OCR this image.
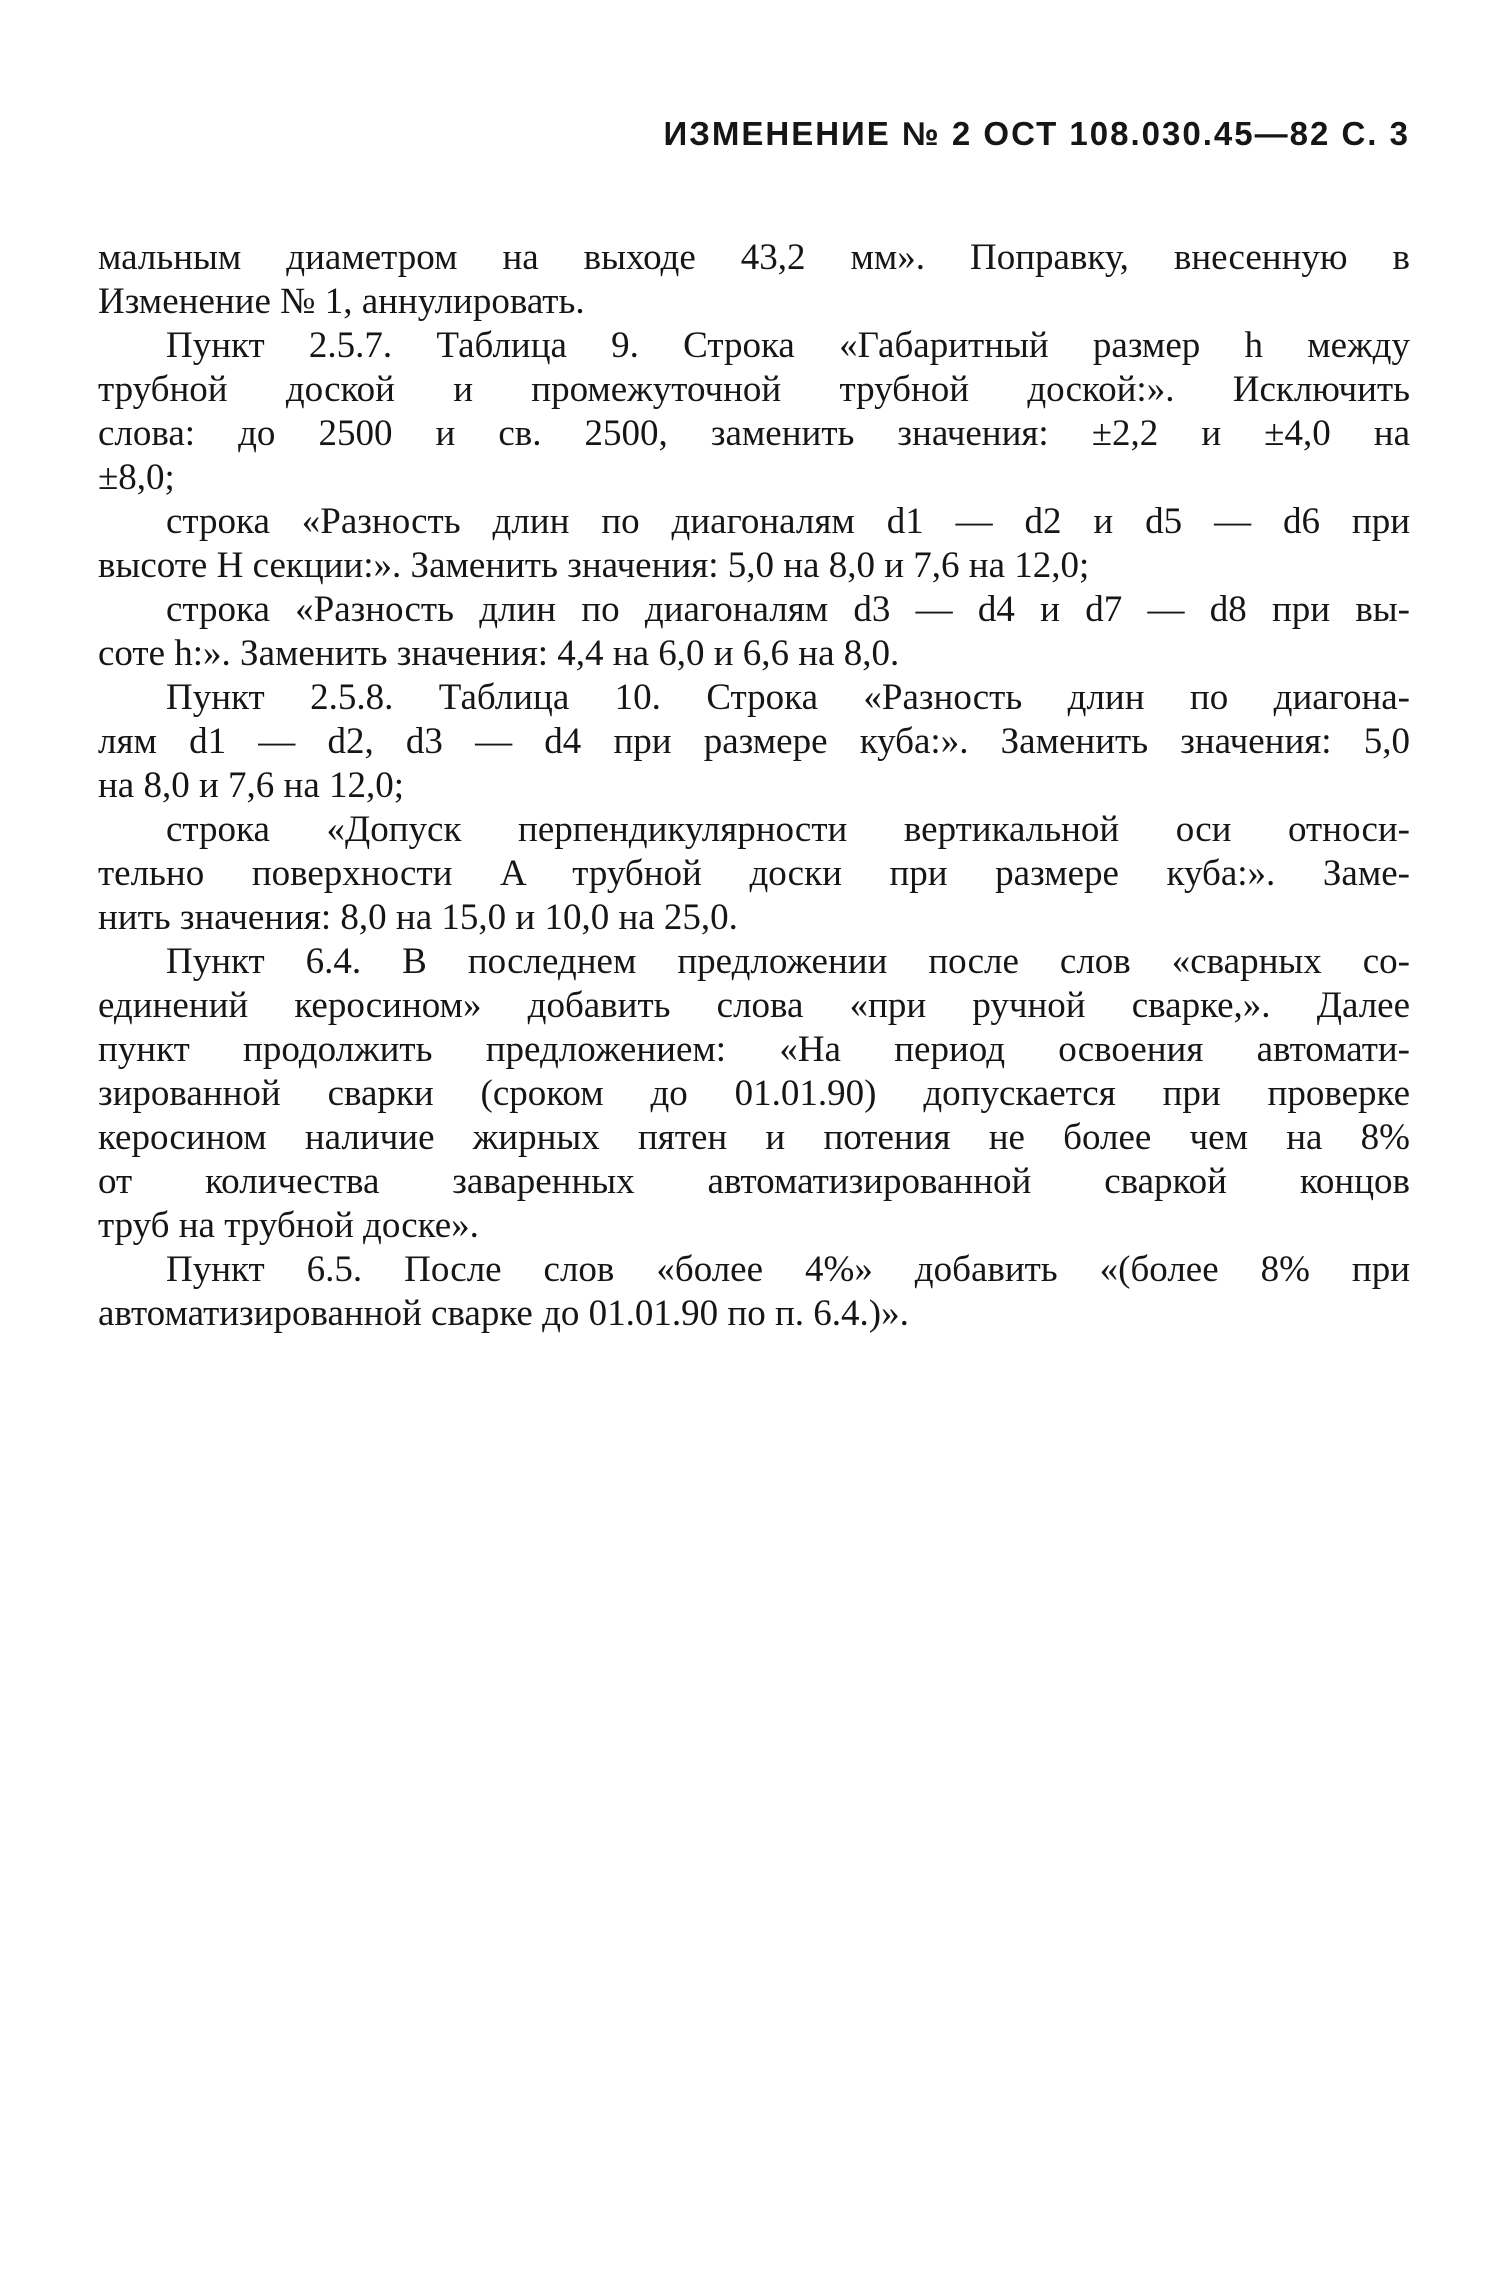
ИЗМЕНЕНИЕ № 2 ОСТ 108.030.45—82 С. 3
мальным диаметром на выходе 43,2 мм». Поправку, внесенную в
Изменение № 1, аннулировать.
Пункт 2.5.7. Таблица 9. Строка «Габаритный размер h между
трубной доской и промежуточной трубной доской:». Исключить
слова: до 2500 и св. 2500, заменить значения: ±2,2 и ±4,0 на
±8,0;
строка «Разность длин по диагоналям d1 — d2 и d5 — d6 при
высоте H секции:». Заменить значения: 5,0 на 8,0 и 7,6 на 12,0;
строка «Разность длин по диагоналям d3 — d4 и d7 — d8 при вы-
соте h:». Заменить значения: 4,4 на 6,0 и 6,6 на 8,0.
Пункт 2.5.8. Таблица 10. Строка «Разность длин по диагона-
лям d1 — d2, d3 — d4 при размере куба:». Заменить значения: 5,0
на 8,0 и 7,6 на 12,0;
строка «Допуск перпендикулярности вертикальной оси относи-
тельно поверхности A трубной доски при размере куба:». Заме-
нить значения: 8,0 на 15,0 и 10,0 на 25,0.
Пункт 6.4. В последнем предложении после слов «сварных со-
единений керосином» добавить слова «при ручной сварке,». Далее
пункт продолжить предложением: «На период освоения автомати-
зированной сварки (сроком до 01.01.90) допускается при проверке
керосином наличие жирных пятен и потения не более чем на 8%
от количества заваренных автоматизированной сваркой концов
труб на трубной доске».
Пункт 6.5. После слов «более 4%» добавить «(более 8% при
автоматизированной сварке до 01.01.90 по п. 6.4.)».
